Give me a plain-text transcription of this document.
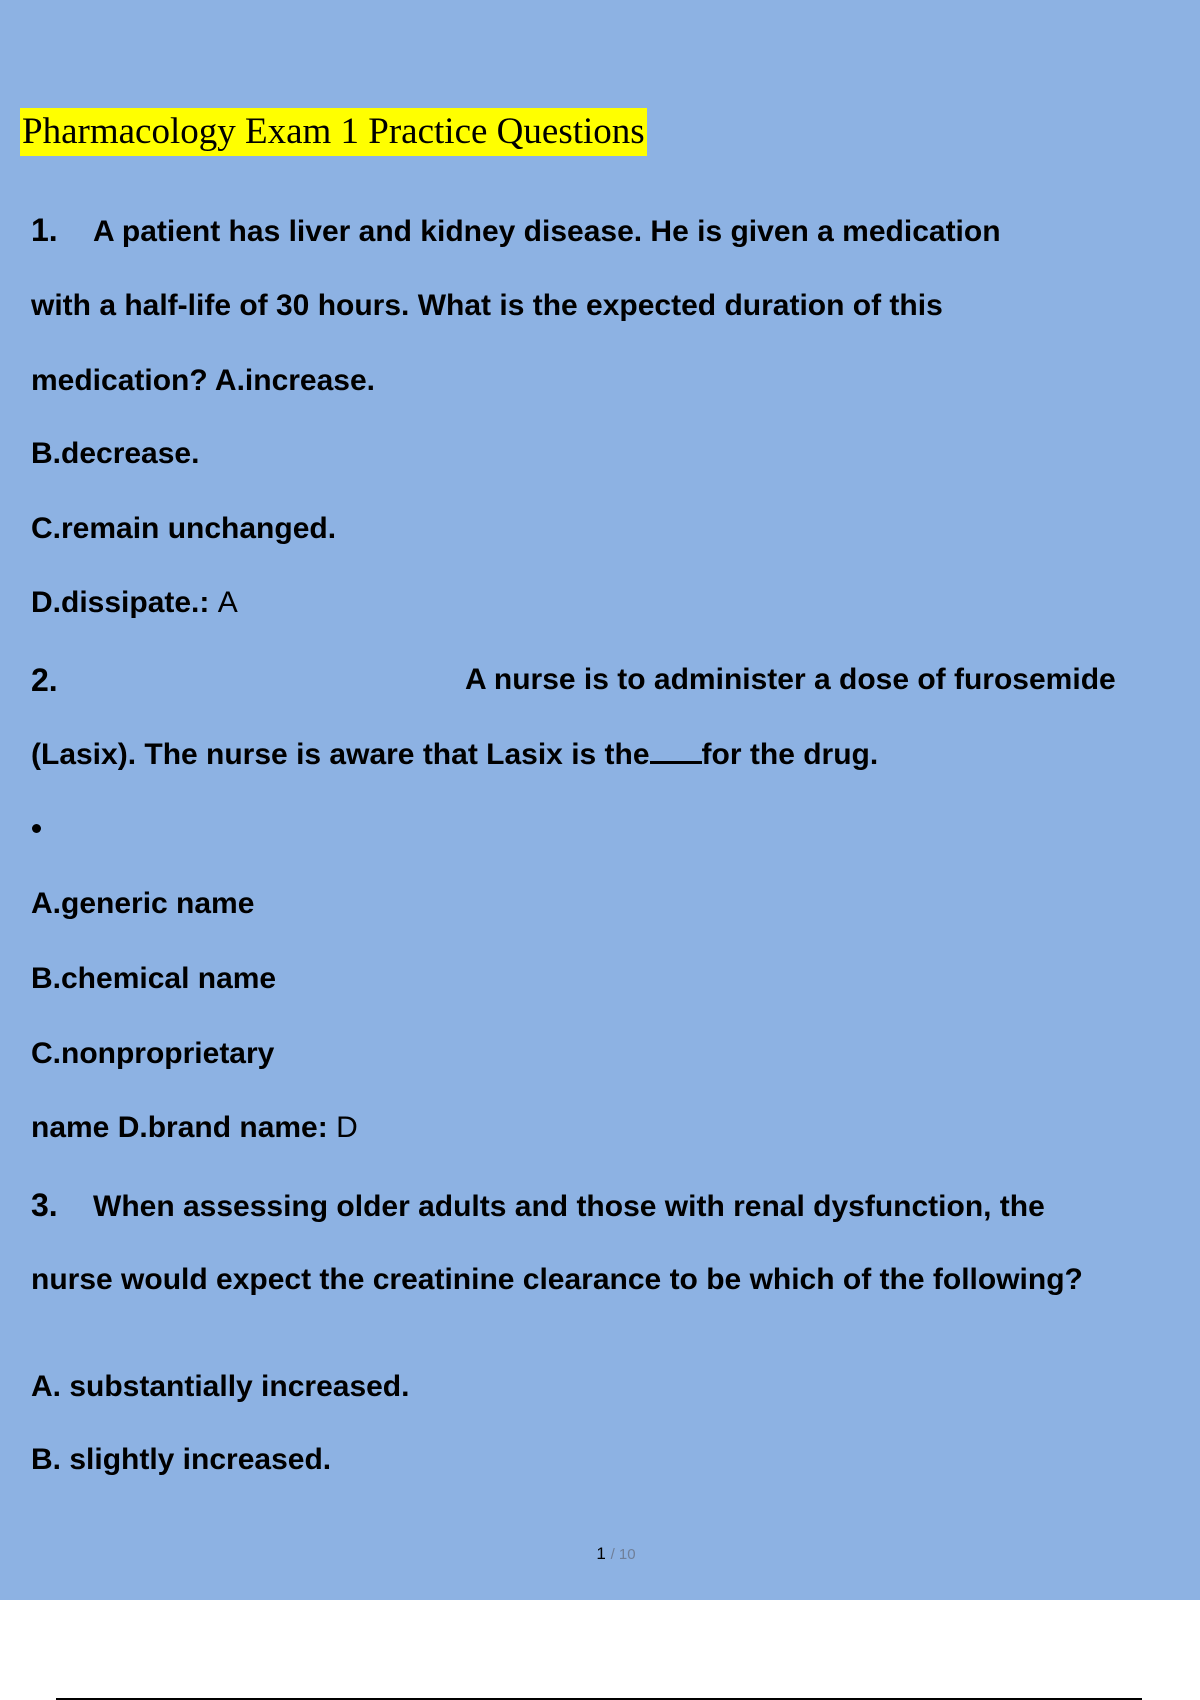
Pharmacology Exam 1 Practice Questions
1. A patient has liver and kidney disease. He is given a medication
with a half-life of 30 hours. What is the expected duration of this
medication? A.increase.
B.decrease.
C.remain unchanged.
D.dissipate.: A
2.	A nurse is to administer a dose of furosemide
(Lasix). The nurse is aware that Lasix is the for the drug.
A.generic name
B.chemical name
C.nonproprietary
name D.brand name: D
3. When assessing older adults and those with renal dysfunction, the
nurse would expect the creatinine clearance to be which of the following?
A. substantially increased.
B. slightly increased.
1 / 10
